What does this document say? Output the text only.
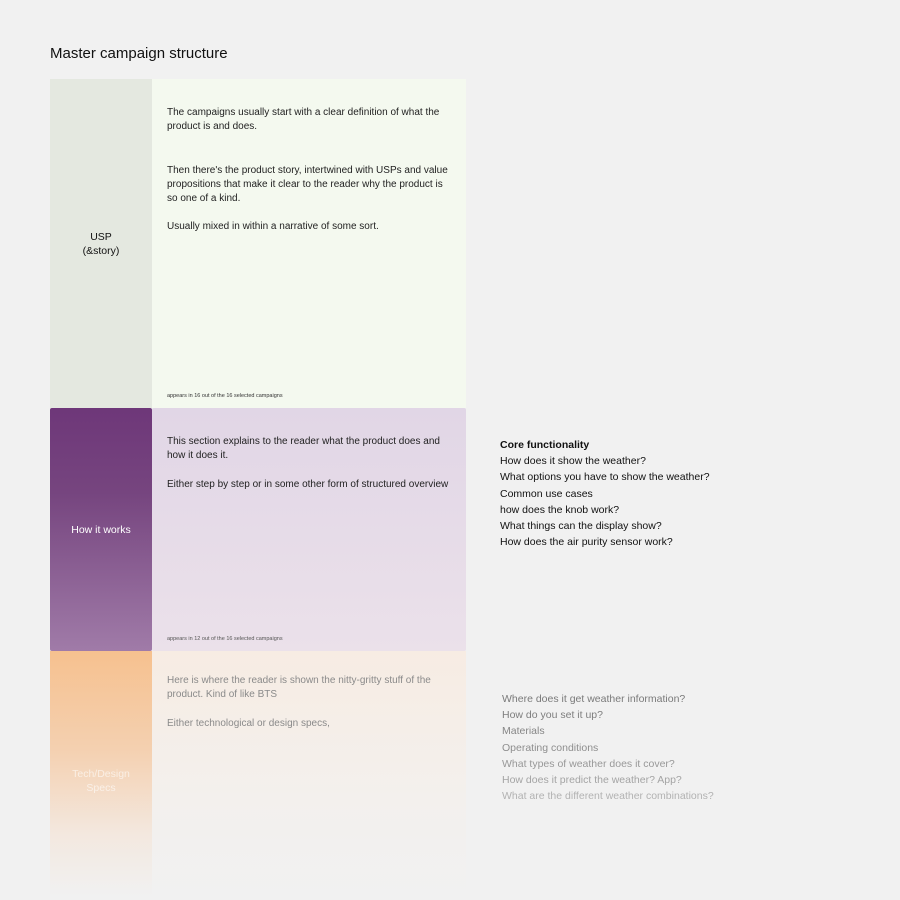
Master campaign structure
USP
(&story)

The campaigns usually start with a clear definition of what the product is and does.

Then there's the product story, intertwined with USPs and value propositions that make it clear to the reader why the product is so one of a kind.

Usually mixed in within a narrative of some sort.

appears in 16 out of the 16 selected campaigns
How it works

This section explains to the reader what the product does and how it does it.

Either step by step or in some other form of structured overview

appears in 12 out of the 16 selected campaigns
Core functionality
How does it show the weather?
What options you have to show the weather?
Common use cases
how does the knob work?
What things can the display show?
How does the air purity sensor work?
Tech/Design
Specs

Here is where the reader is shown the nitty-gritty stuff of the product. Kind of like BTS

Either technological or design specs,

Where does it get weather information?
How do you set it up?
Materials
Operating conditions
What types of weather does it cover?
How does it predict the weather? App?
What are the different weather combinations?
